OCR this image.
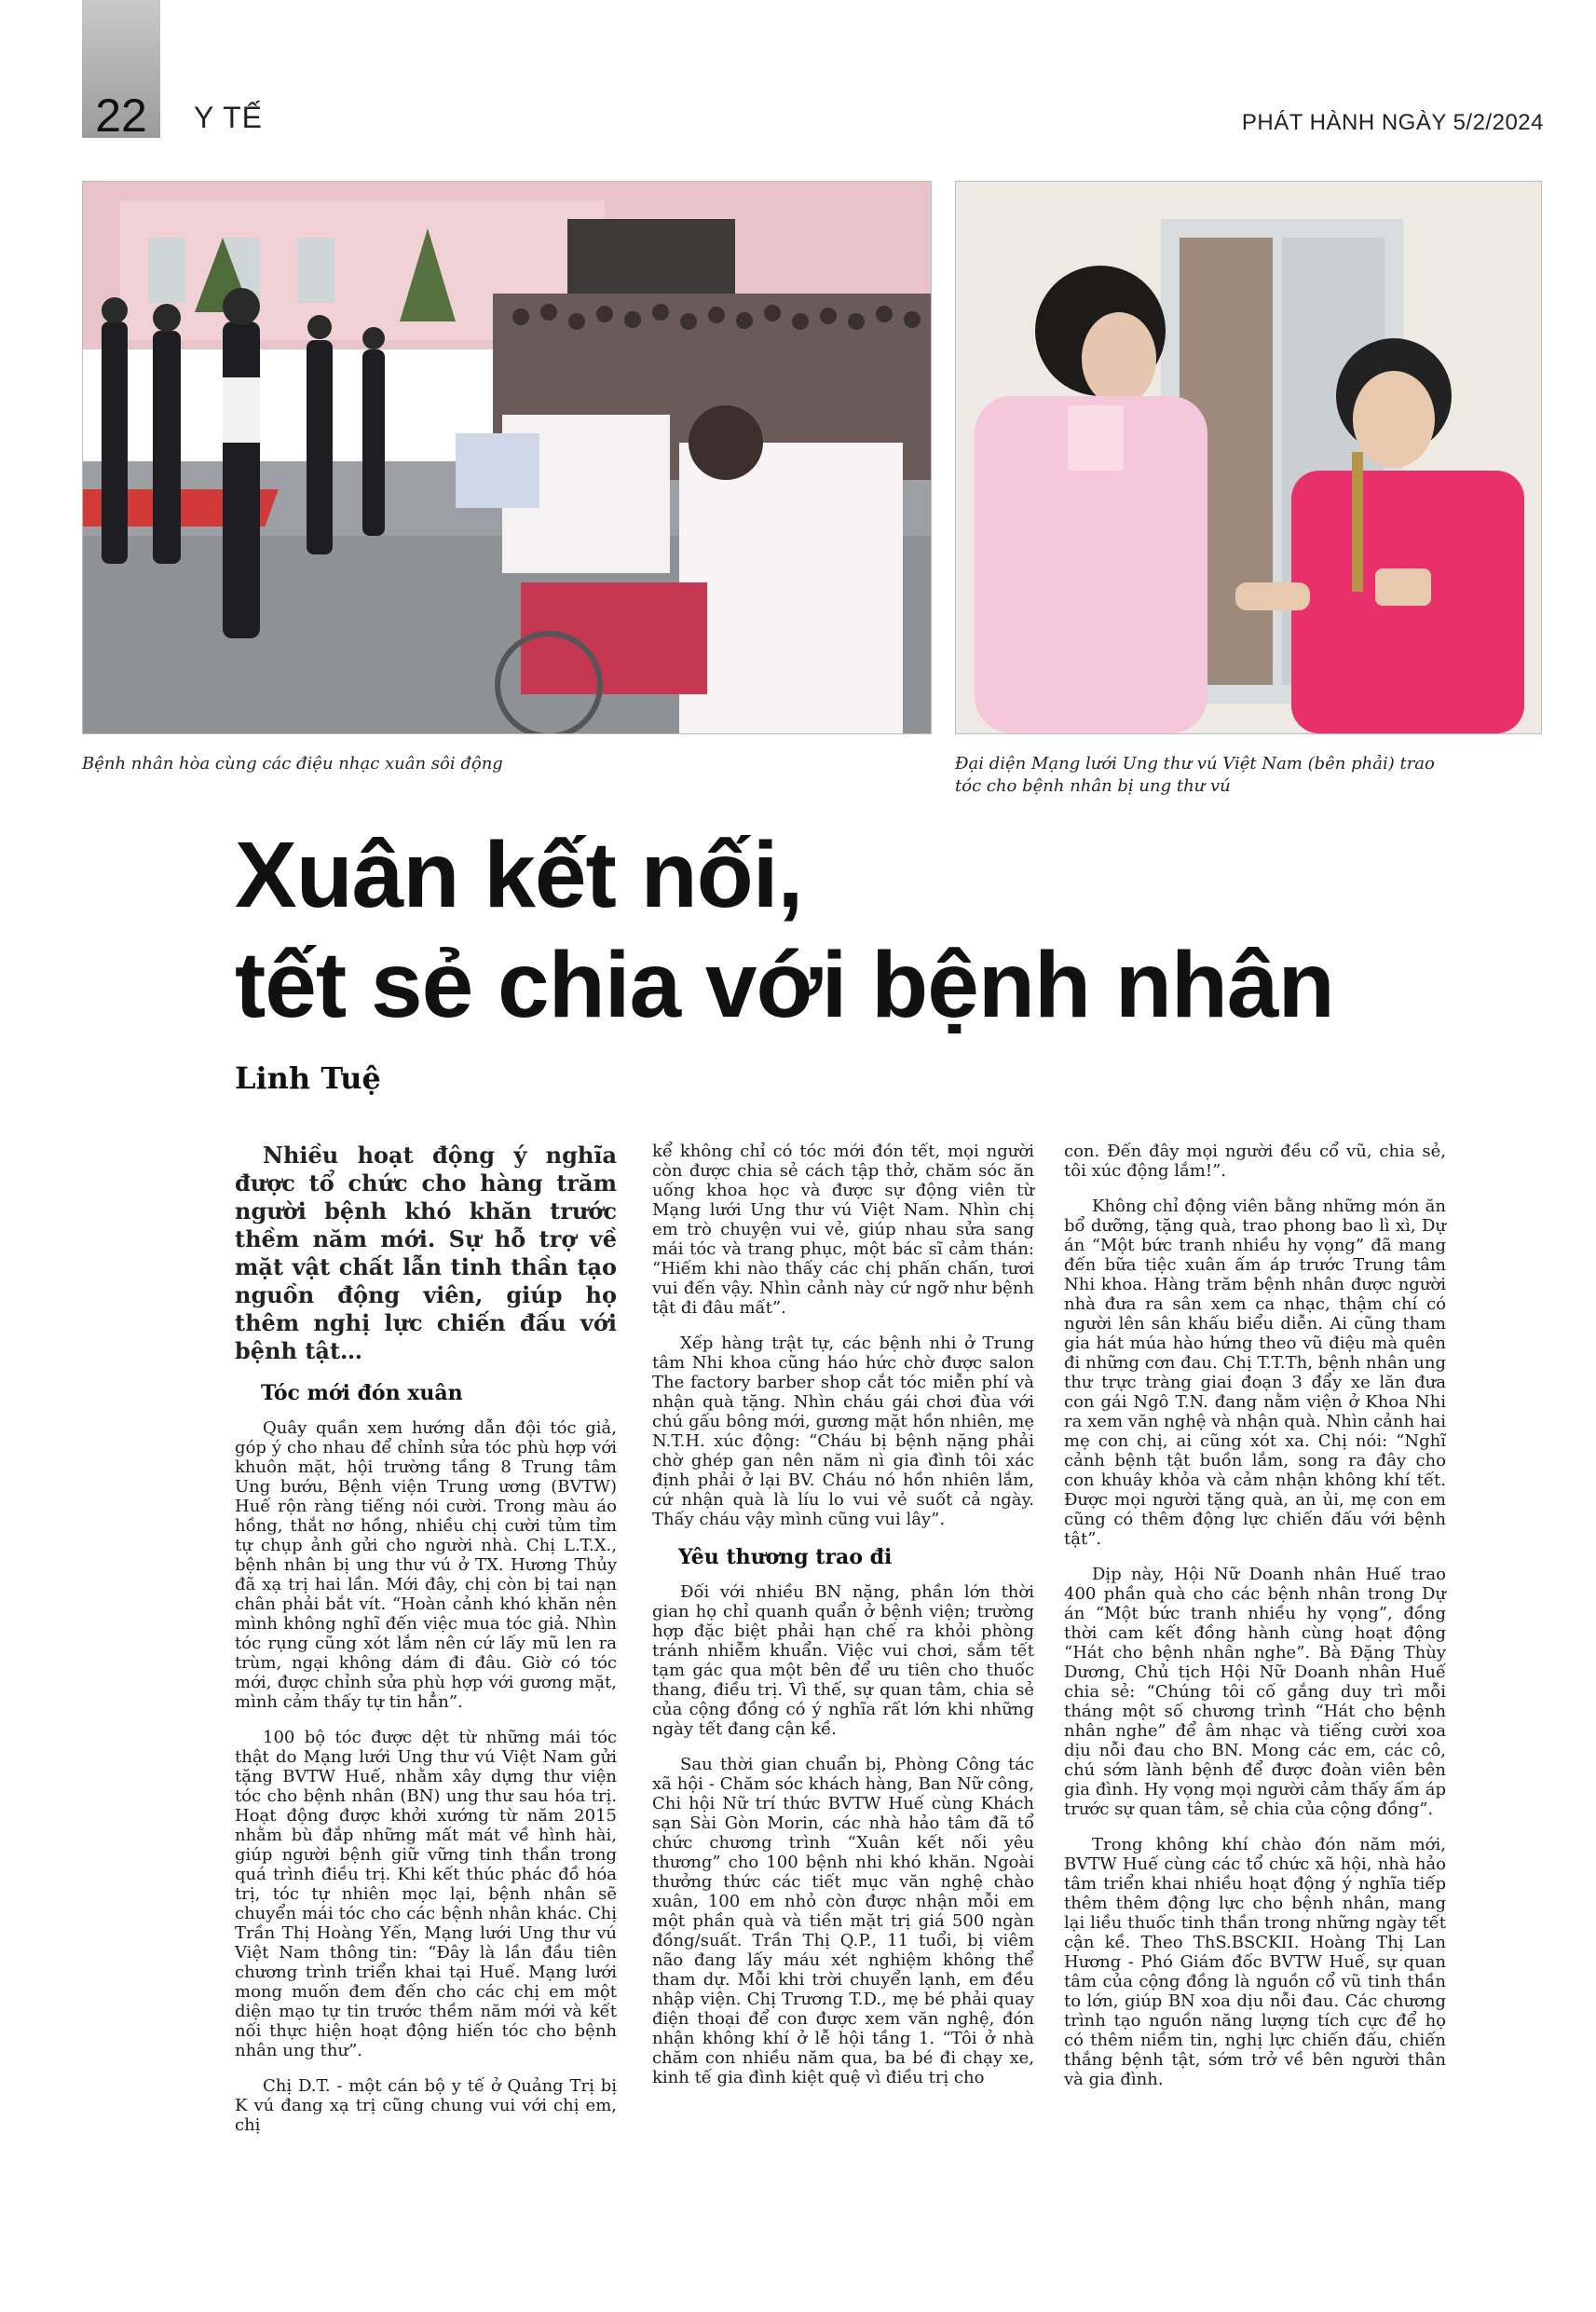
22	Y TẾ	PHÁT HÀNH NGÀY 5/2/2024
Bệnh nhân hòa cùng các điệu nhạc xuân sôi động	Đại diện Mạng lưới Ung thư vú Việt Nam (bên phải) trao tóc cho bệnh nhân bị ung thư vú
Xuân kết nối,
tết sẻ chia với bệnh nhân
Linh Tuệ

Nhiều hoạt động ý nghĩa được tổ chức cho hàng trăm người bệnh khó khăn trước thềm năm mới. Sự hỗ trợ về mặt vật chất lẫn tinh thần tạo nguồn động viên, giúp họ thêm nghị lực chiến đấu với bệnh tật…

Tóc mới đón xuân

Quây quần xem hướng dẫn đội tóc giả, góp ý cho nhau để chỉnh sửa tóc phù hợp với khuôn mặt, hội trường tầng 8 Trung tâm Ung bướu, Bệnh viện Trung ương (BVTW) Huế rộn ràng tiếng nói cười. Trong màu áo hồng, thắt nơ hồng, nhiều chị cười tủm tỉm tự chụp ảnh gửi cho người nhà. Chị L.T.X., bệnh nhân bị ung thư vú ở TX. Hương Thủy đã xạ trị hai lần. Mới đây, chị còn bị tai nạn chân phải bắt vít. “Hoàn cảnh khó khăn nên mình không nghĩ đến việc mua tóc giả. Nhìn tóc rụng cũng xót lắm nên cứ lấy mũ len ra trùm, ngại không dám đi đâu. Giờ có tóc mới, được chỉnh sửa phù hợp với gương mặt, mình cảm thấy tự tin hẳn”.

100 bộ tóc được dệt từ những mái tóc thật do Mạng lưới Ung thư vú Việt Nam gửi tặng BVTW Huế, nhằm xây dựng thư viện tóc cho bệnh nhân (BN) ung thư sau hóa trị. Hoạt động được khởi xướng từ năm 2015 nhằm bù đắp những mất mát về hình hài, giúp người bệnh giữ vững tinh thần trong quá trình điều trị. Khi kết thúc phác đồ hóa trị, tóc tự nhiên mọc lại, bệnh nhân sẽ chuyển mái tóc cho các bệnh nhân khác. Chị Trần Thị Hoàng Yến, Mạng lưới Ung thư vú Việt Nam thông tin: “Đây là lần đầu tiên chương trình triển khai tại Huế. Mạng lưới mong muốn đem đến cho các chị em một diện mạo tự tin trước thềm năm mới và kết nối thực hiện hoạt động hiến tóc cho bệnh nhân ung thư”.

Chị D.T. - một cán bộ y tế ở Quảng Trị bị K vú đang xạ trị cũng chung vui với chị em, chị

kể không chỉ có tóc mới đón tết, mọi người còn được chia sẻ cách tập thở, chăm sóc ăn uống khoa học và được sự động viên từ Mạng lưới Ung thư vú Việt Nam. Nhìn chị em trò chuyện vui vẻ, giúp nhau sửa sang mái tóc và trang phục, một bác sĩ cảm thán: “Hiếm khi nào thấy các chị phấn chấn, tươi vui đến vậy. Nhìn cảnh này cứ ngỡ như bệnh tật đi đâu mất”.

Xếp hàng trật tự, các bệnh nhi ở Trung tâm Nhi khoa cũng háo hức chờ được salon The factory barber shop cắt tóc miễn phí và nhận quà tặng. Nhìn cháu gái chơi đùa với chú gấu bông mới, gương mặt hồn nhiên, mẹ N.T.H. xúc động: “Cháu bị bệnh nặng phải chờ ghép gan nên năm nì gia đình tôi xác định phải ở lại BV. Cháu nó hồn nhiên lắm, cứ nhận quà là líu lo vui vẻ suốt cả ngày. Thấy cháu vậy mình cũng vui lây”.

Yêu thương trao đi

Đối với nhiều BN nặng, phần lớn thời gian họ chỉ quanh quẩn ở bệnh viện; trường hợp đặc biệt phải hạn chế ra khỏi phòng tránh nhiễm khuẩn. Việc vui chơi, sắm tết tạm gác qua một bên để ưu tiên cho thuốc thang, điều trị. Vì thế, sự quan tâm, chia sẻ của cộng đồng có ý nghĩa rất lớn khi những ngày tết đang cận kề.

Sau thời gian chuẩn bị, Phòng Công tác xã hội - Chăm sóc khách hàng, Ban Nữ công, Chi hội Nữ trí thức BVTW Huế cùng Khách sạn Sài Gòn Morin, các nhà hảo tâm đã tổ chức chương trình “Xuân kết nối yêu thương” cho 100 bệnh nhi khó khăn. Ngoài thưởng thức các tiết mục văn nghệ chào xuân, 100 em nhỏ còn được nhận mỗi em một phần quà và tiền mặt trị giá 500 ngàn đồng/suất. Trần Thị Q.P., 11 tuổi, bị viêm não đang lấy máu xét nghiệm không thể tham dự. Mỗi khi trời chuyển lạnh, em đều nhập viện. Chị Trương T.D., mẹ bé phải quay điện thoại để con được xem văn nghệ, đón nhận không khí ở lễ hội tầng 1. “Tôi ở nhà chăm con nhiều năm qua, ba bé đi chạy xe, kinh tế gia đình kiệt quệ vì điều trị cho

con. Đến đây mọi người đều cổ vũ, chia sẻ, tôi xúc động lắm!”.

Không chỉ động viên bằng những món ăn bổ dưỡng, tặng quà, trao phong bao lì xì, Dự án “Một bức tranh nhiều hy vọng” đã mang đến bữa tiệc xuân ấm áp trước Trung tâm Nhi khoa. Hàng trăm bệnh nhân được người nhà đưa ra sân xem ca nhạc, thậm chí có người lên sân khấu biểu diễn. Ai cũng tham gia hát múa hào hứng theo vũ điệu mà quên đi những cơn đau. Chị T.T.Th, bệnh nhân ung thư trực tràng giai đoạn 3 đẩy xe lăn đưa con gái Ngô T.N. đang nằm viện ở Khoa Nhi ra xem văn nghệ và nhận quà. Nhìn cảnh hai mẹ con chị, ai cũng xót xa. Chị nói: “Nghĩ cảnh bệnh tật buồn lắm, song ra đây cho con khuây khỏa và cảm nhận không khí tết. Được mọi người tặng quà, an ủi, mẹ con em cũng có thêm động lực chiến đấu với bệnh tật”.

Dịp này, Hội Nữ Doanh nhân Huế trao 400 phần quà cho các bệnh nhân trong Dự án “Một bức tranh nhiều hy vọng”, đồng thời cam kết đồng hành cùng hoạt động “Hát cho bệnh nhân nghe”. Bà Đặng Thùy Dương, Chủ tịch Hội Nữ Doanh nhân Huế chia sẻ: “Chúng tôi cố gắng duy trì mỗi tháng một số chương trình “Hát cho bệnh nhân nghe” để âm nhạc và tiếng cười xoa dịu nỗi đau cho BN. Mong các em, các cô, chú sớm lành bệnh để được đoàn viên bên gia đình. Hy vọng mọi người cảm thấy ấm áp trước sự quan tâm, sẻ chia của cộng đồng”.

Trong không khí chào đón năm mới, BVTW Huế cùng các tổ chức xã hội, nhà hảo tâm triển khai nhiều hoạt động ý nghĩa tiếp thêm thêm động lực cho bệnh nhân, mang lại liều thuốc tinh thần trong những ngày tết cận kề. Theo ThS.BSCKII. Hoàng Thị Lan Hương - Phó Giám đốc BVTW Huế, sự quan tâm của cộng đồng là nguồn cổ vũ tinh thần to lớn, giúp BN xoa dịu nỗi đau. Các chương trình tạo nguồn năng lượng tích cực để họ có thêm niềm tin, nghị lực chiến đấu, chiến thắng bệnh tật, sớm trở về bên người thân và gia đình.
